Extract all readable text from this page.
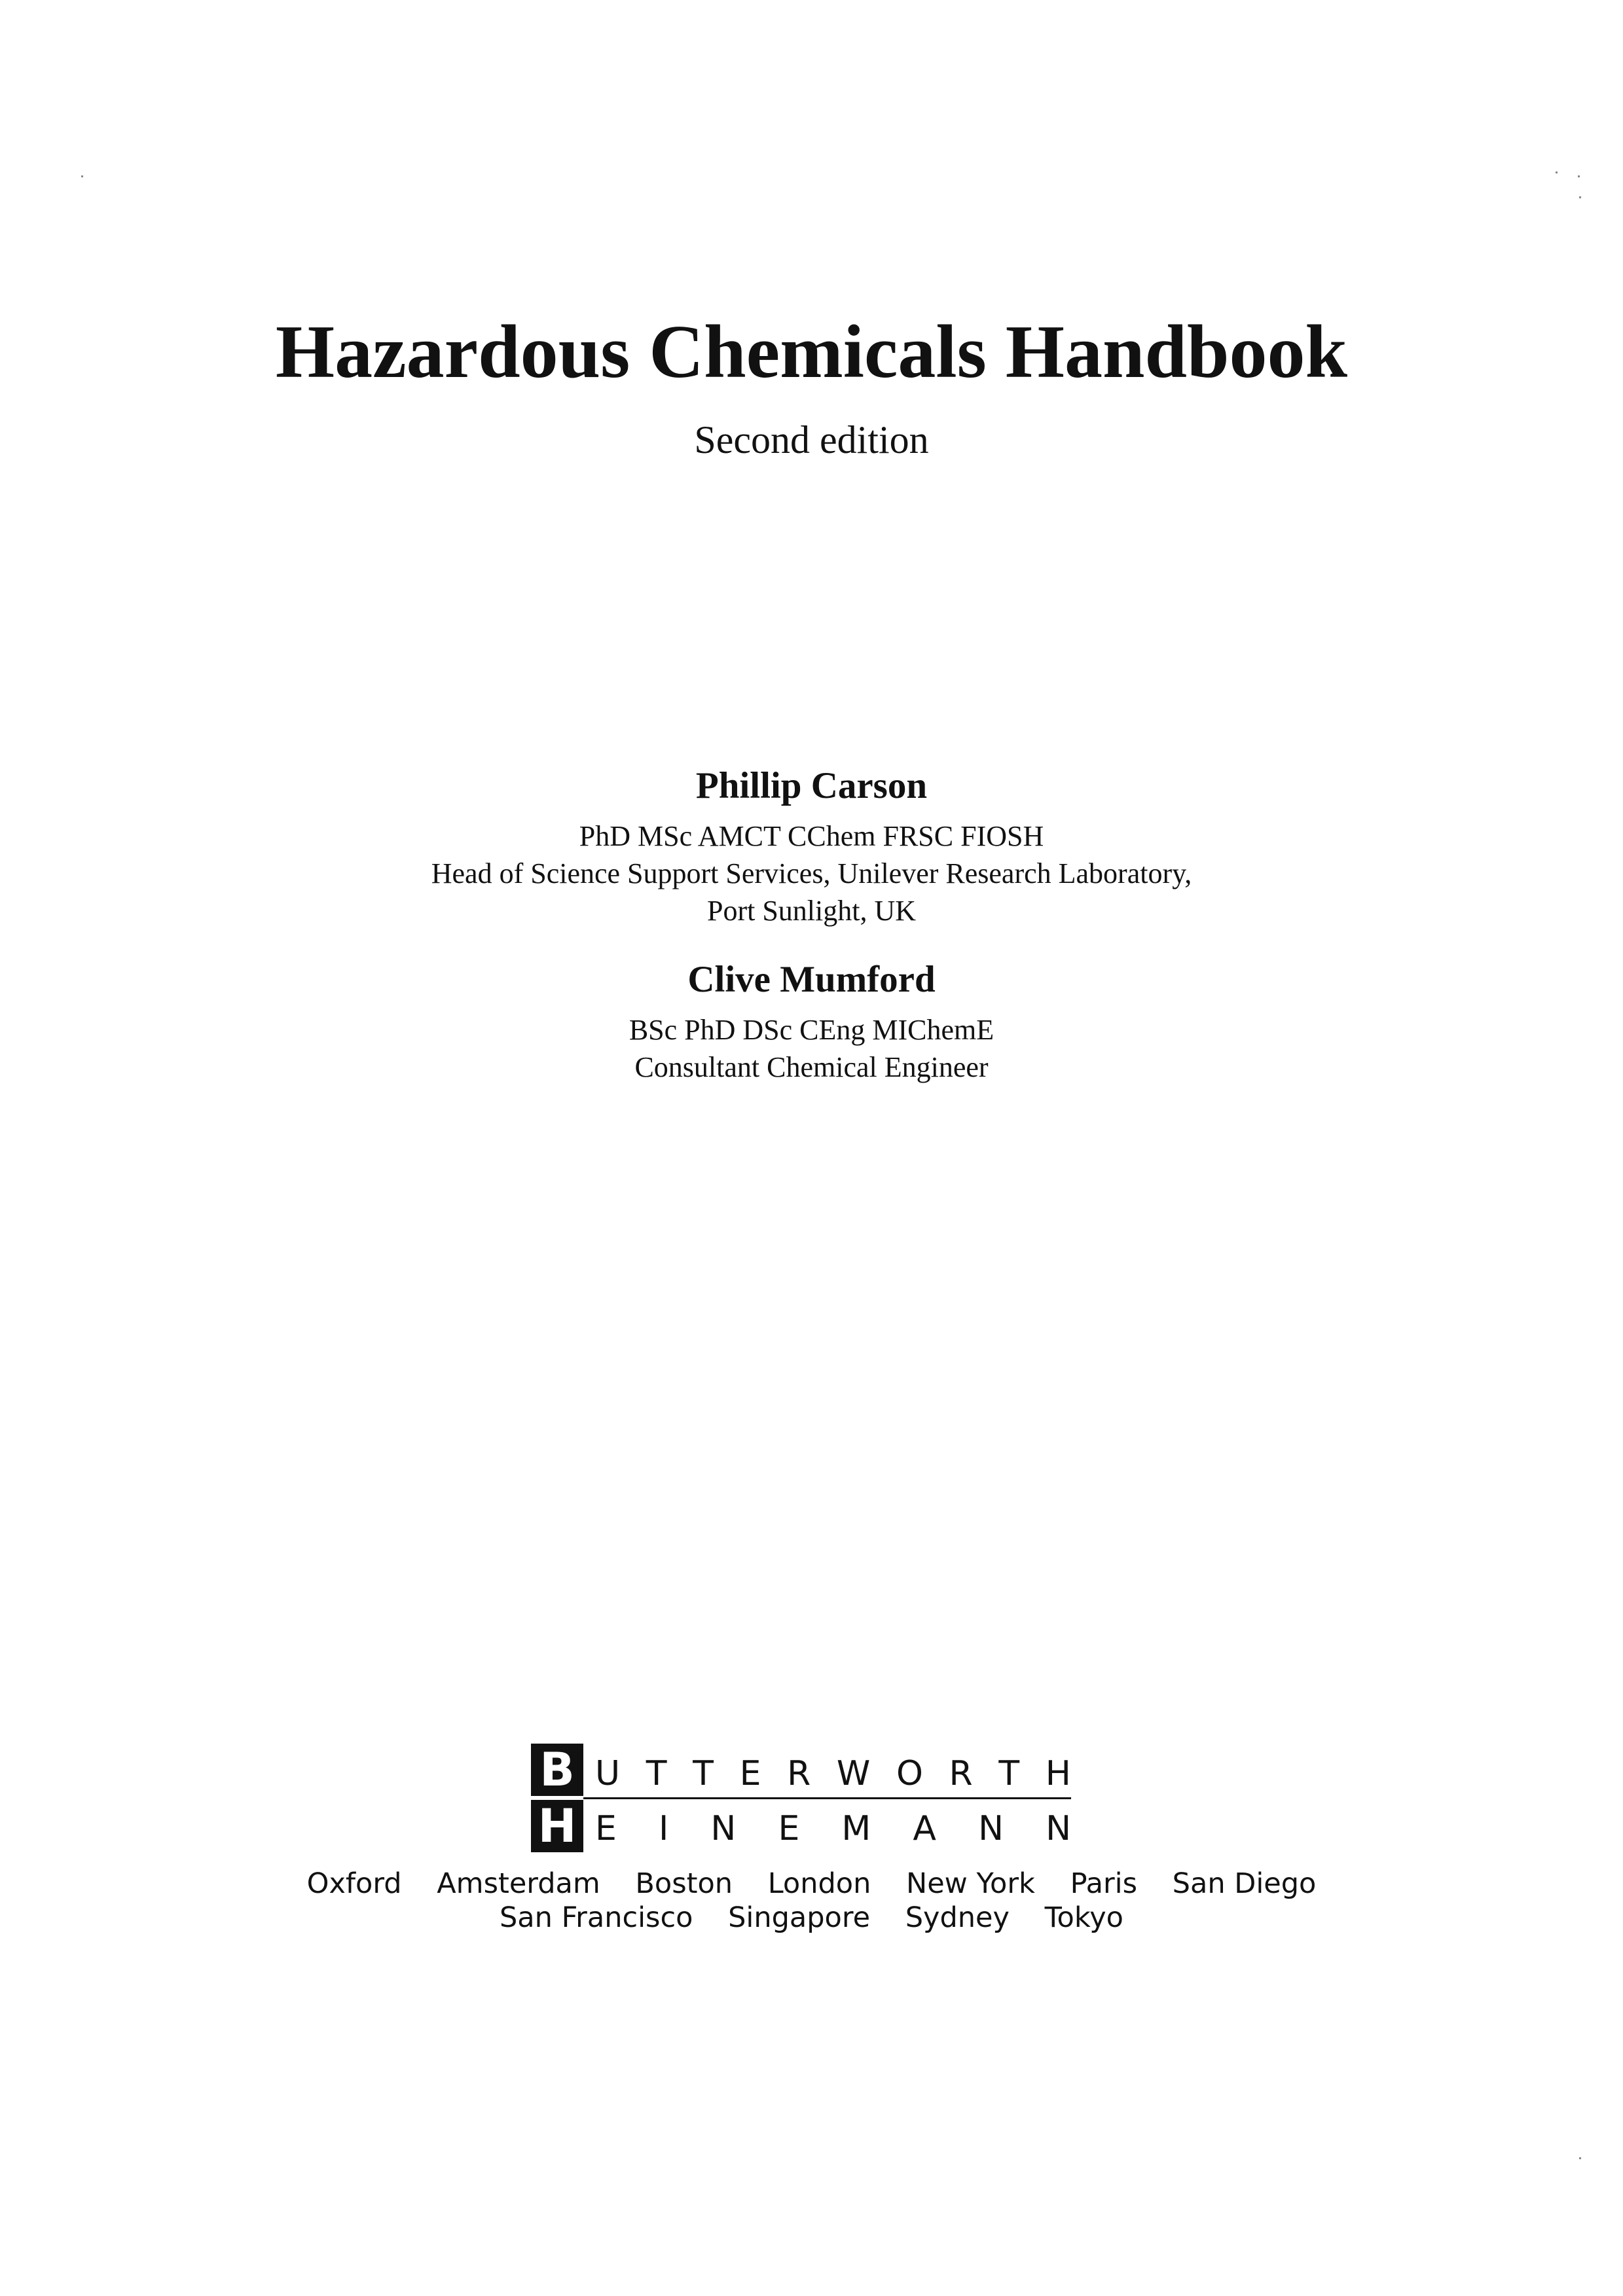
Hazardous Chemicals Handbook
Second edition
Phillip Carson
PhD MSc AMCT CChem FRSC FIOSH
Head of Science Support Services, Unilever Research Laboratory,
Port Sunlight, UK
Clive Mumford
BSc PhD DSc CEng MIChemE
Consultant Chemical Engineer
B
H
U T T E R W O R T H
E I N E M A N N
Oxford Amsterdam Boston London New York Paris San Diego
San Francisco Singapore Sydney Tokyo
